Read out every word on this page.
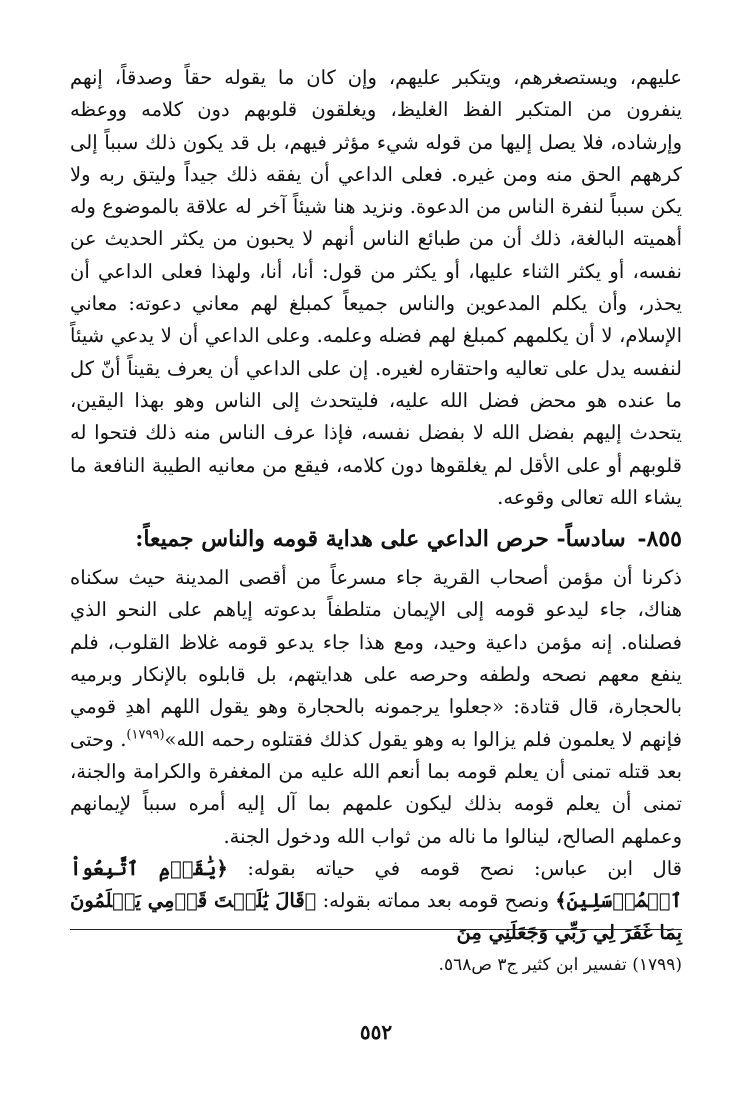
عليهم، ويستصغرهم، ويتكبر عليهم، وإن كان ما يقوله حقاً وصدقاً، إنهم ينفرون من المتكبر الفظ الغليظ، ويغلقون قلوبهم دون كلامه ووعظه وإرشاده، فلا يصل إليها من قوله شيء مؤثر فيهم، بل قد يكون ذلك سبباً إلى كرههم الحق منه ومن غيره. فعلى الداعي أن يفقه ذلك جيداً وليتق ربه ولا يكن سبباً لنفرة الناس من الدعوة. ونزيد هنا شيئاً آخر له علاقة بالموضوع وله أهميته البالغة، ذلك أن من طبائع الناس أنهم لا يحبون من يكثر الحديث عن نفسه، أو يكثر الثناء عليها، أو يكثر من قول: أنا، أنا، ولهذا فعلى الداعي أن يحذر، وأن يكلم المدعوين والناس جميعاً كمبلغ لهم معاني دعوته: معاني الإسلام، لا أن يكلمهم كمبلغ لهم فضله وعلمه. وعلى الداعي أن لا يدعي شيئاً لنفسه يدل على تعاليه واحتقاره لغيره. إن على الداعي أن يعرف يقيناً أنّ كل ما عنده هو محض فضل الله عليه، فليتحدث إلى الناس وهو بهذا اليقين، يتحدث إليهم بفضل الله لا بفضل نفسه، فإذا عرف الناس منه ذلك فتحوا له قلوبهم أو على الأقل لم يغلقوها دون كلامه، فيقع من معانيه الطيبة النافعة ما يشاء الله تعالى وقوعه.

٨٥٥- سادساً- حرص الداعي على هداية قومه والناس جميعاً:

ذكرنا أن مؤمن أصحاب القرية جاء مسرعاً من أقصى المدينة حيث سكناه هناك، جاء ليدعو قومه إلى الإيمان متلطفاً بدعوته إياهم على النحو الذي فصلناه. إنه مؤمن داعية وحيد، ومع هذا جاء يدعو قومه غلاظ القلوب، فلم ينفع معهم نصحه ولطفه وحرصه على هدايتهم، بل قابلوه بالإنكار وبرميه بالحجارة، قال قتادة: «جعلوا يرجمونه بالحجارة وهو يقول اللهم اهدِ قومي فإنهم لا يعلمون فلم يزالوا به وهو يقول كذلك فقتلوه رحمه الله»$^{(١٧٩٩)}$. وحتى بعد قتله تمنى أن يعلم قومه بما أنعم الله عليه من المغفرة والكرامة والجنة، تمنى أن يعلم قومه بذلك ليكون علمهم بما آل إليه أمره سبباً لإيمانهم وعملهم الصالح، لينالوا ما ناله من ثواب الله ودخول الجنة.

قال ابن عباس: نصح قومه في حياته بقوله: ﴿يَٰقَوۡمِ ٱتَّبِعُواْ ٱلۡمُرۡسَلِينَ﴾ ونصح قومه بعد مماته بقوله: ﴿قَالَ يَٰلَيۡتَ قَوۡمِي يَعۡلَمُونَ بِمَا غَفَرَ لِي رَبِّي وَجَعَلَنِي مِنَ

(١٧٩٩) تفسير ابن كثير ج٣ ص٥٦٨.
٥٥٢
